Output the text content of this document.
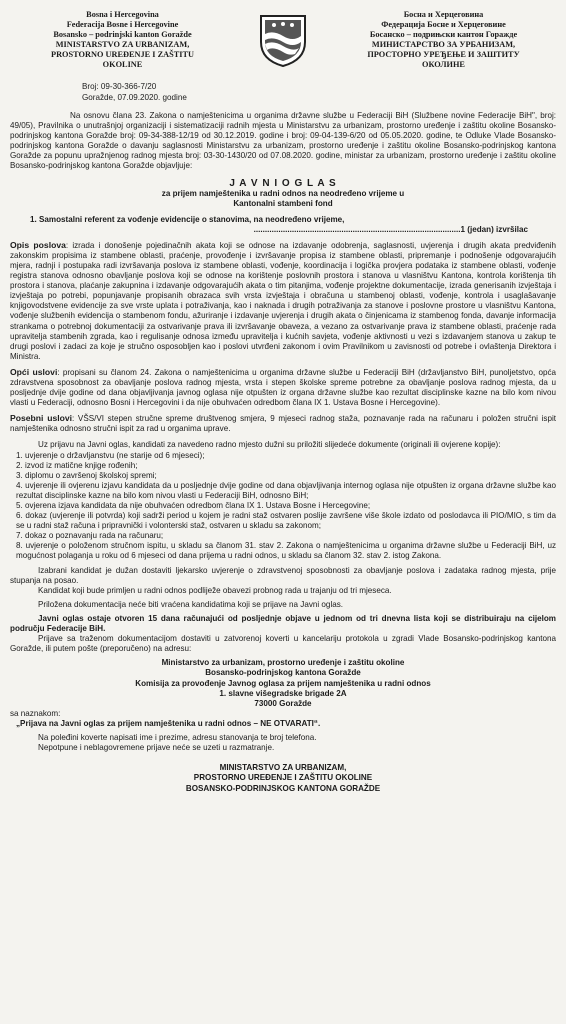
Bosna i Hercegovina
Federacija Bosne i Hercegovine
Bosansko – podrinjski kanton Goražde
MINISTARSTVO ZA URBANIZAM,
PROSTORNO UREĐENJE I ZAŠTITU
OKOLINE
Босна и Херцеговина
Федерација Босне и Херцеговине
Босанско – подрињски кантон Горажде
МИНИСТАРСТВО ЗА УРБАНИЗАМ,
ПРОСТОРНО УРЕЂЕЊЕ И ЗАШТИТУ
ОКОЛИНЕ
Broj: 09-30-366-7/20
Goražde, 07.09.2020. godine

Na osnovu člana 23. Zakona o namještenicima u organima državne službe u Federaciji BiH (Službene novine Federacije BiH", broj: 49/05), Pravilnika o unutrašnjoj organizaciji i sistematizaciji radnih mjesta u Ministarstvu za urbanizam, prostorno uređenje i zaštitu okoline Bosansko-podrinjskog kantona Goražde broj: 09-34-388-12/19 od 30.12.2019. godine i broj: 09-04-139-6/20 od 05.05.2020. godine, te Odluke Vlade Bosansko-podrinjskog kantona Goražde o davanju saglasnosti Ministarstvu za urbanizam, prostorno uređenje i zaštitu okoline Bosansko-podrinjskog kantona Goražde za popunu upražnjenog radnog mjesta broj: 03-30-1430/20 od 07.08.2020. godine, ministar za urbanizam, prostorno uređenje i zaštitu okoline Bosansko-podrinjskog kantona Goražde objavljuje:

J A V N I O G L A S
za prijem namještenika u radni odnos na neodređeno vrijeme u
Kantonalni stambeni fond
1. Samostalni referent za vođenje evidencije o stanovima, na neodređeno vrijeme,
............................................................................................1 (jedan) izvršilac

Opis poslova: izrada i donošenje pojedinačnih akata koji se odnose na izdavanje odobrenja, saglasnosti, uvjerenja i drugih akata predviđenih zakonskim propisima iz stambene oblasti, praćenje, provođenje i izvršavanje propisa iz stambene oblasti, pripremanje i podnošenje odgovarajućih mjera, radnji i postupaka radi izvršavanja poslova iz stambene oblasti, vođenje, koordinacija i logička provjera podataka iz stambene oblasti, vođenje registra stanova odnosno obavljanje poslova koji se odnose na korištenje poslovnih prostora i stanova u vlasništvu Kantona, kontrola korištenja tih prostora i stanova, plaćanje zakupnina i izdavanje odgovarajućih akata o tim pitanjima, vođenje projektne dokumentacije, izrada generisanih izvještaja i izvještaja po potrebi, popunjavanje propisanih obrazaca svih vrsta izvještaja i obračuna u stambenoj oblasti, vođenje, kontrola i usaglašavanje knjigovodstvene evidencije za sve vrste uplata i potraživanja, kao i naknada i drugih potraživanja za stanove i poslovne prostore u vlasništvu Kantona, vođenje službenih evidencija o stambenom fondu, ažuriranje i izdavanje uvjerenja i drugih akata o činjenicama iz stambenog fonda, davanje informacija strankama o potrebnoj dokumentaciji za ostvarivanje prava ili izvršavanje obaveza, a vezano za ostvarivanje prava iz stambene oblasti, praćenje rada upravitelja stambenih zgrada, kao i regulisanje odnosa između upravitelja i kućnih savjeta, vođenje aktivnosti u vezi s izdavanjem stanova u zakup te drugi poslovi i zadaci za koje je stručno osposobljen kao i poslovi utvrđeni zakonom i ovim Pravilnikom u zavisnosti od potrebe i ovlaštenja Direktora i Ministra.

Opći uslovi: propisani su članom 24. Zakona o namještenicima u organima državne službe u Federaciji BiH (državljanstvo BiH, punoljetstvo, opća zdravstvena sposobnost za obavljanje poslova radnog mjesta, vrsta i stepen školske spreme potrebne za obavljanje poslova radnog mjesta, da u posljednje dvije godine od dana objavljivanja javnog oglasa nije otpušten iz organa državne službe kao rezultat disciplinske kazne na bilo kom nivou vlasti u Federaciji, odnosno Bosni i Hercegovini i da nije obuhvaćen odredbom člana IX 1. Ustava Bosne i Hercegovine).

Posebni uslovi: VŠS/VI stepen stručne spreme društvenog smjera, 9 mjeseci radnog staža, poznavanje rada na računaru i položen stručni ispit namještenika odnosno stručni ispit za rad u organima uprave.

Uz prijavu na Javni oglas, kandidati za navedeno radno mjesto dužni su priložiti slijedeće dokumente (originali ili ovjerene kopije):

1. uvjerenje o državljanstvu (ne starije od 6 mjeseci);
2. izvod iz matične knjige rođenih;
3. diplomu o završenoj školskoj spremi;
4. uvjerenje ili ovjerenu izjavu kandidata da u posljednje dvije godine od dana objavljivanja internog oglasa nije otpušten iz organa državne službe kao rezultat disciplinske kazne na bilo kom nivou vlasti u Federaciji BiH, odnosno BiH;
5. ovjerena izjava kandidata da nije obuhvaćen odredbom člana IX 1. Ustava Bosne i Hercegovine;
6. dokaz (uvjerenje ili potvrda) koji sadrži period u kojem je radni staž ostvaren poslije završene više škole izdato od poslodavca ili PIO/MIO, s tim da se u radni staž računa i pripravnički i volonterski staž, ostvaren u skladu sa zakonom;
7. dokaz o poznavanju rada na računaru;
8. uvjerenje o položenom stručnom ispitu, u skladu sa članom 31. stav 2. Zakona o namještenicima u organima državne službe u Federaciji BiH, uz mogućnost polaganja u roku od 6 mjeseci od dana prijema u radni odnos, u skladu sa članom 32. stav 2. istog Zakona.

Izabrani kandidat je dužan dostaviti ljekarsko uvjerenje o zdravstvenoj sposobnosti za obavljanje poslova i zadataka radnog mjesta, prije stupanja na posao.

Kandidat koji bude primljen u radni odnos podliježe obavezi probnog rada u trajanju od tri mjeseca.

Priložena dokumentacija neće biti vraćena kandidatima koji se prijave na Javni oglas.

Javni oglas ostaje otvoren 15 dana računajući od posljednje objave u jednom od tri dnevna lista koji se distribuiraju na cijelom području Federacije BiH.

Prijave sa traženom dokumentacijom dostaviti u zatvorenoj koverti u kancelariju protokola u zgradi Vlade Bosansko-podrinjskog kantona Goražde, ili putem pošte (preporučeno) na adresu:

Ministarstvo za urbanizam, prostorno uređenje i zaštitu okoline
Bosansko-podrinjskog kantona Goražde
Komisija za provođenje Javnog oglasa za prijem namještenika u radni odnos
1. slavne višegradske brigade 2A
73000 Goražde
sa naznakom:
„Prijava na Javni oglas za prijem namještenika u radni odnos – NE OTVARATI“.

Na poleđini koverte napisati ime i prezime, adresu stanovanja te broj telefona.

Nepotpune i neblagovremene prijave neće se uzeti u razmatranje.

MINISTARSTVO ZA URBANIZAM,
PROSTORNO UREĐENJE I ZAŠTITU OKOLINE
BOSANSKO-PODRINJSKOG KANTONA GORAŽDE
